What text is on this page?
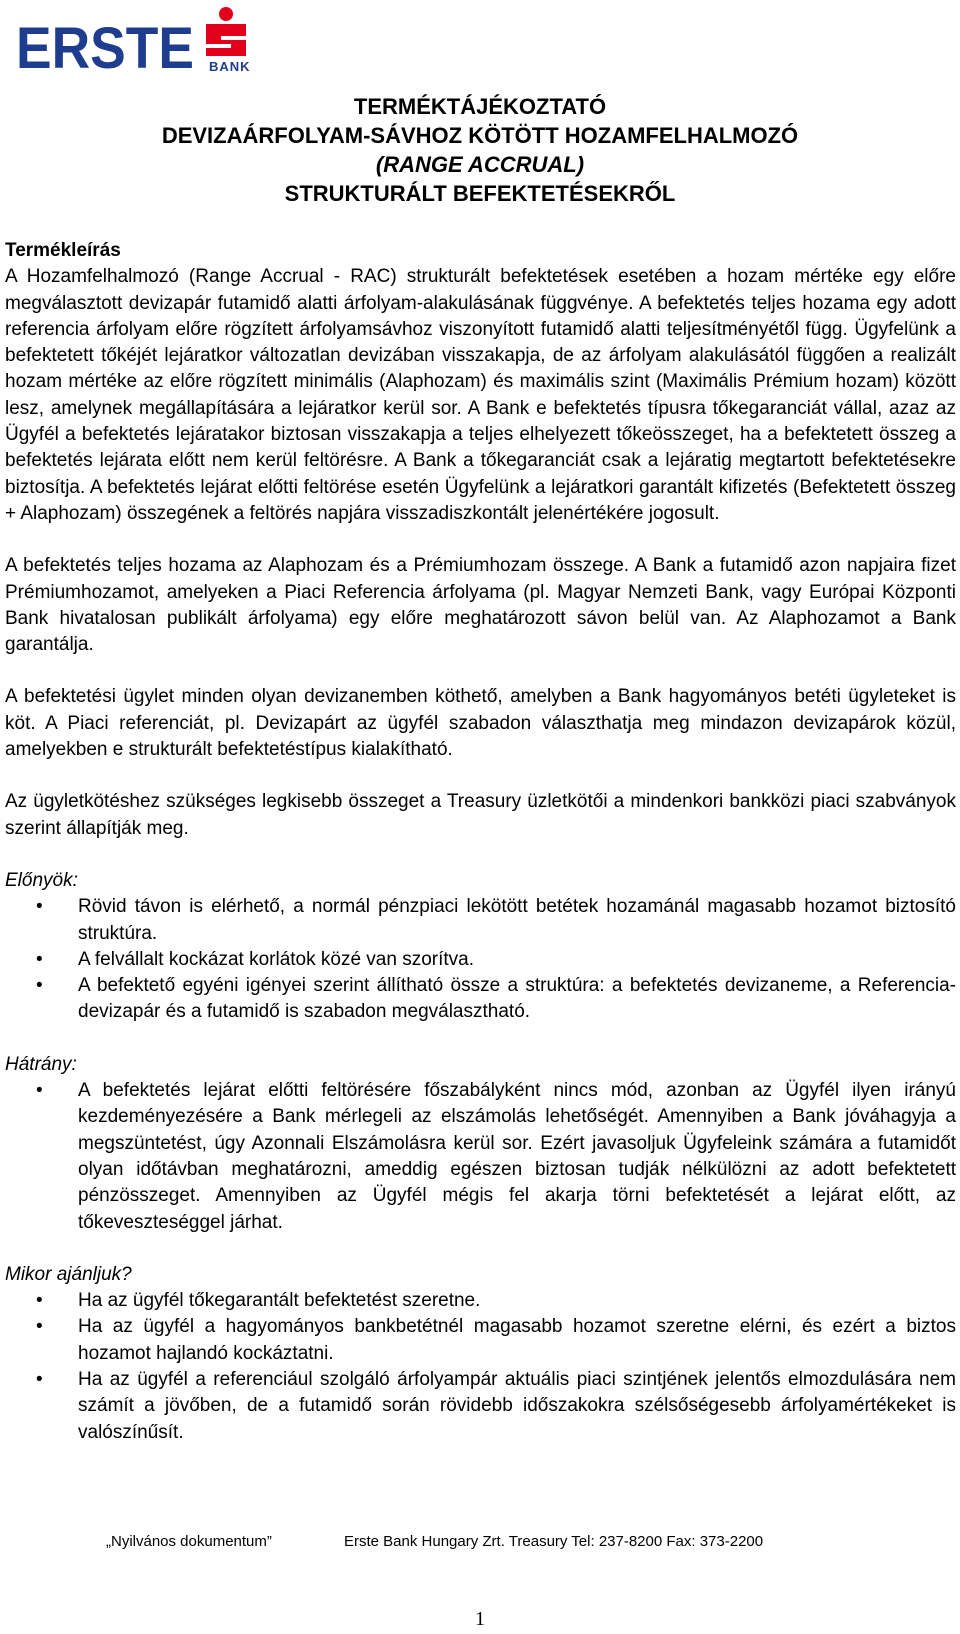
ERSTE BANK
TERMÉKTÁJÉKOZTATÓ
DEVIZAÁRFOLYAM-SÁVHOZ KÖTÖTT HOZAMFELHALMOZÓ
(RANGE ACCRUAL)
STRUKTURÁLT BEFEKTETÉSEKRŐL

Termékleírás

A Hozamfelhalmozó (Range Accrual - RAC) strukturált befektetések esetében a hozam mértéke egy előre megválasztott devizapár futamidő alatti árfolyam-alakulásának függvénye. A befektetés teljes hozama egy adott referencia árfolyam előre rögzített árfolyamsávhoz viszonyított futamidő alatti teljesítményétől függ. Ügyfelünk a befektetett tőkéjét lejáratkor változatlan devizában visszakapja, de az árfolyam alakulásától függően a realizált hozam mértéke az előre rögzített minimális (Alaphozam) és maximális szint (Maximális Prémium hozam) között lesz, amelynek megállapítására a lejáratkor kerül sor. A Bank e befektetés típusra tőkegaranciát vállal, azaz az Ügyfél a befektetés lejáratakor biztosan visszakapja a teljes elhelyezett tőkeösszeget, ha a befektetett összeg a befektetés lejárata előtt nem kerül feltörésre. A Bank a tőkegaranciát csak a lejáratig megtartott befektetésekre biztosítja. A befektetés lejárat előtti feltörése esetén Ügyfelünk a lejáratkori garantált kifizetés (Befektetett összeg + Alaphozam) összegének a feltörés napjára visszadiszkontált jelenértékére jogosult.

A befektetés teljes hozama az Alaphozam és a Prémiumhozam összege. A Bank a futamidő azon napjaira fizet Prémiumhozamot, amelyeken a Piaci Referencia árfolyama (pl. Magyar Nemzeti Bank, vagy Európai Központi Bank hivatalosan publikált árfolyama) egy előre meghatározott sávon belül van. Az Alaphozamot a Bank garantálja.

A befektetési ügylet minden olyan devizanemben köthető, amelyben a Bank hagyományos betéti ügyleteket is köt. A Piaci referenciát, pl. Devizapárt az ügyfél szabadon választhatja meg mindazon devizapárok közül, amelyekben e strukturált befektetéstípus kialakítható.

Az ügyletkötéshez szükséges legkisebb összeget a Treasury üzletkötői a mindenkori bankközi piaci szabványok szerint állapítják meg.

Előnyök:

• Rövid távon is elérhető, a normál pénzpiaci lekötött betétek hozamánál magasabb hozamot biztosító struktúra.
• A felvállalt kockázat korlátok közé van szorítva.
• A befektető egyéni igényei szerint állítható össze a struktúra: a befektetés devizaneme, a Referencia-devizapár és a futamidő is szabadon megválasztható.

Hátrány:

• A befektetés lejárat előtti feltörésére főszabályként nincs mód, azonban az Ügyfél ilyen irányú kezdeményezésére a Bank mérlegeli az elszámolás lehetőségét. Amennyiben a Bank jóváhagyja a megszüntetést, úgy Azonnali Elszámolásra kerül sor. Ezért javasoljuk Ügyfeleink számára a futamidőt olyan időtávban meghatározni, ameddig egészen biztosan tudják nélkülözni az adott befektetett pénzösszeget. Amennyiben az Ügyfél mégis fel akarja törni befektetését a lejárat előtt, az tőkeveszteséggel járhat.

Mikor ajánljuk?

• Ha az ügyfél tőkegarantált befektetést szeretne.
• Ha az ügyfél a hagyományos bankbetétnél magasabb hozamot szeretne elérni, és ezért a biztos hozamot hajlandó kockáztatni.
• Ha az ügyfél a referenciául szolgáló árfolyampár aktuális piaci szintjének jelentős elmozdulására nem számít a jövőben, de a futamidő során rövidebb időszakokra szélsőségesebb árfolyamértékeket is valószínűsít.
„Nyilvános dokumentum”	Erste Bank Hungary Zrt. Treasury Tel: 237-8200 Fax: 373-2200
1
